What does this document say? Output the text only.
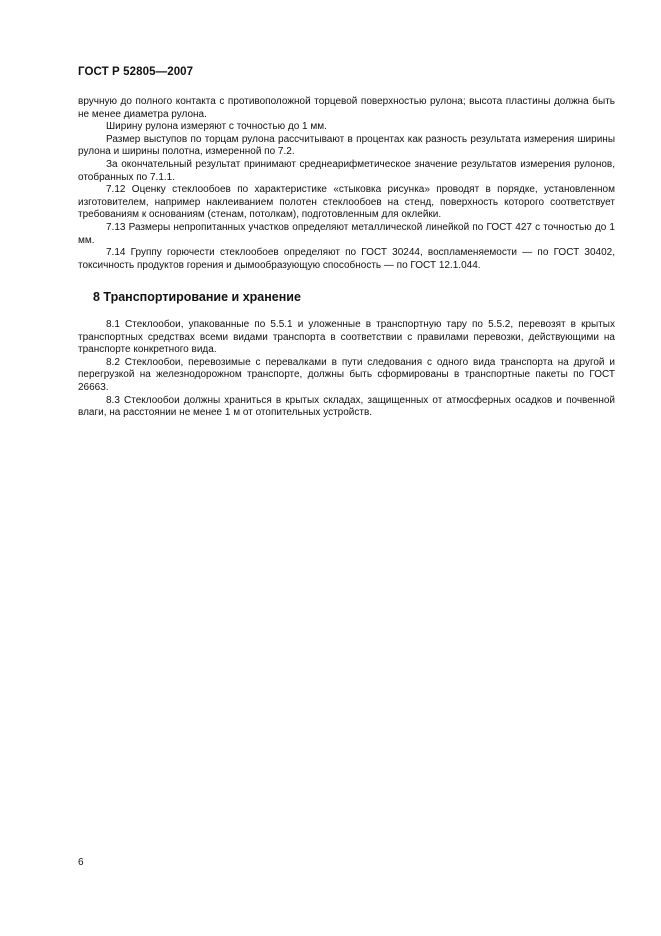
ГОСТ Р 52805—2007

вручную до полного контакта с противоположной торцевой поверхностью рулона; высота пластины должна быть не менее диаметра рулона.

Ширину рулона измеряют с точностью до 1 мм.

Размер выступов по торцам рулона рассчитывают в процентах как разность результата измерения ширины рулона и ширины полотна, измеренной по 7.2.

За окончательный результат принимают среднеарифметическое значение результатов измерения рулонов, отобранных по 7.1.1.

7.12 Оценку стеклообоев по характеристике «стыковка рисунка» проводят в порядке, установленном изготовителем, например наклеиванием полотен стеклообоев на стенд, поверхность которого соответствует требованиям к основаниям (стенам, потолкам), подготовленным для оклейки.

7.13 Размеры непропитанных участков определяют металлической линейкой по ГОСТ 427 с точностью до 1 мм.

7.14 Группу горючести стеклообоев определяют по ГОСТ 30244, воспламеняемости — по ГОСТ 30402, токсичность продуктов горения и дымообразующую способность — по ГОСТ 12.1.044.

8 Транспортирование и хранение

8.1 Стеклообои, упакованные по 5.5.1 и уложенные в транспортную тару по 5.5.2, перевозят в крытых транспортных средствах всеми видами транспорта в соответствии с правилами перевозки, действующими на транспорте конкретного вида.

8.2 Стеклообои, перевозимые с перевалками в пути следования с одного вида транспорта на другой и перегрузкой на железнодорожном транспорте, должны быть сформированы в транспортные пакеты по ГОСТ 26663.

8.3 Стеклообои должны храниться в крытых складах, защищенных от атмосферных осадков и почвенной влаги, на расстоянии не менее 1 м от отопительных устройств.

6
